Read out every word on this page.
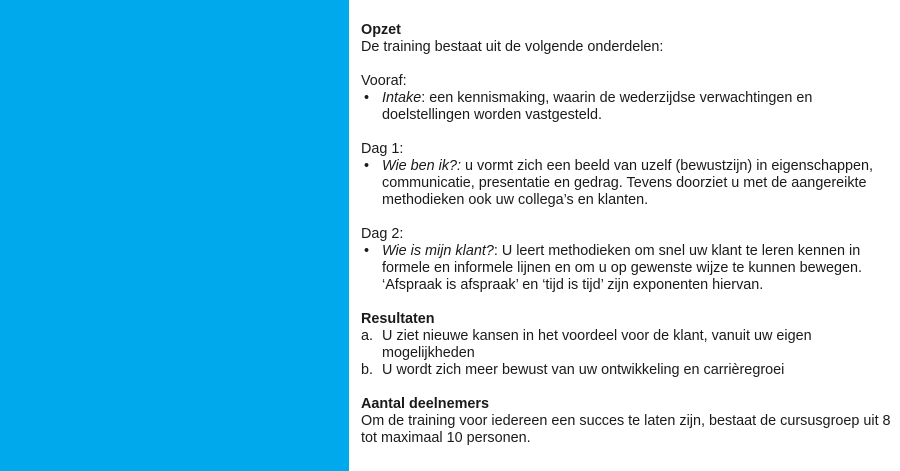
Opzet

De training bestaat uit de volgende onderdelen:

Vooraf:

• Intake: een kennismaking, waarin de wederzijdse verwachtingen en doelstellingen worden vastgesteld.

Dag 1:

• Wie ben ik?: u vormt zich een beeld van uzelf (bewustzijn) in eigenschappen, communicatie, presentatie en gedrag. Tevens doorziet u met de aangereikte methodieken ook uw collega’s en klanten.

Dag 2:

• Wie is mijn klant?: U leert methodieken om snel uw klant te leren kennen in formele en informele lijnen en om u op gewenste wijze te kunnen bewegen. ‘Afspraak is afspraak’ en ‘tijd is tijd’ zijn exponenten hiervan.

Resultaten

a. U ziet nieuwe kansen in het voordeel voor de klant, vanuit uw eigen mogelijkheden

b. U wordt zich meer bewust van uw ontwikkeling en carrièregroei

Aantal deelnemers

Om de training voor iedereen een succes te laten zijn, bestaat de cursusgroep uit 8 tot maximaal 10 personen.
